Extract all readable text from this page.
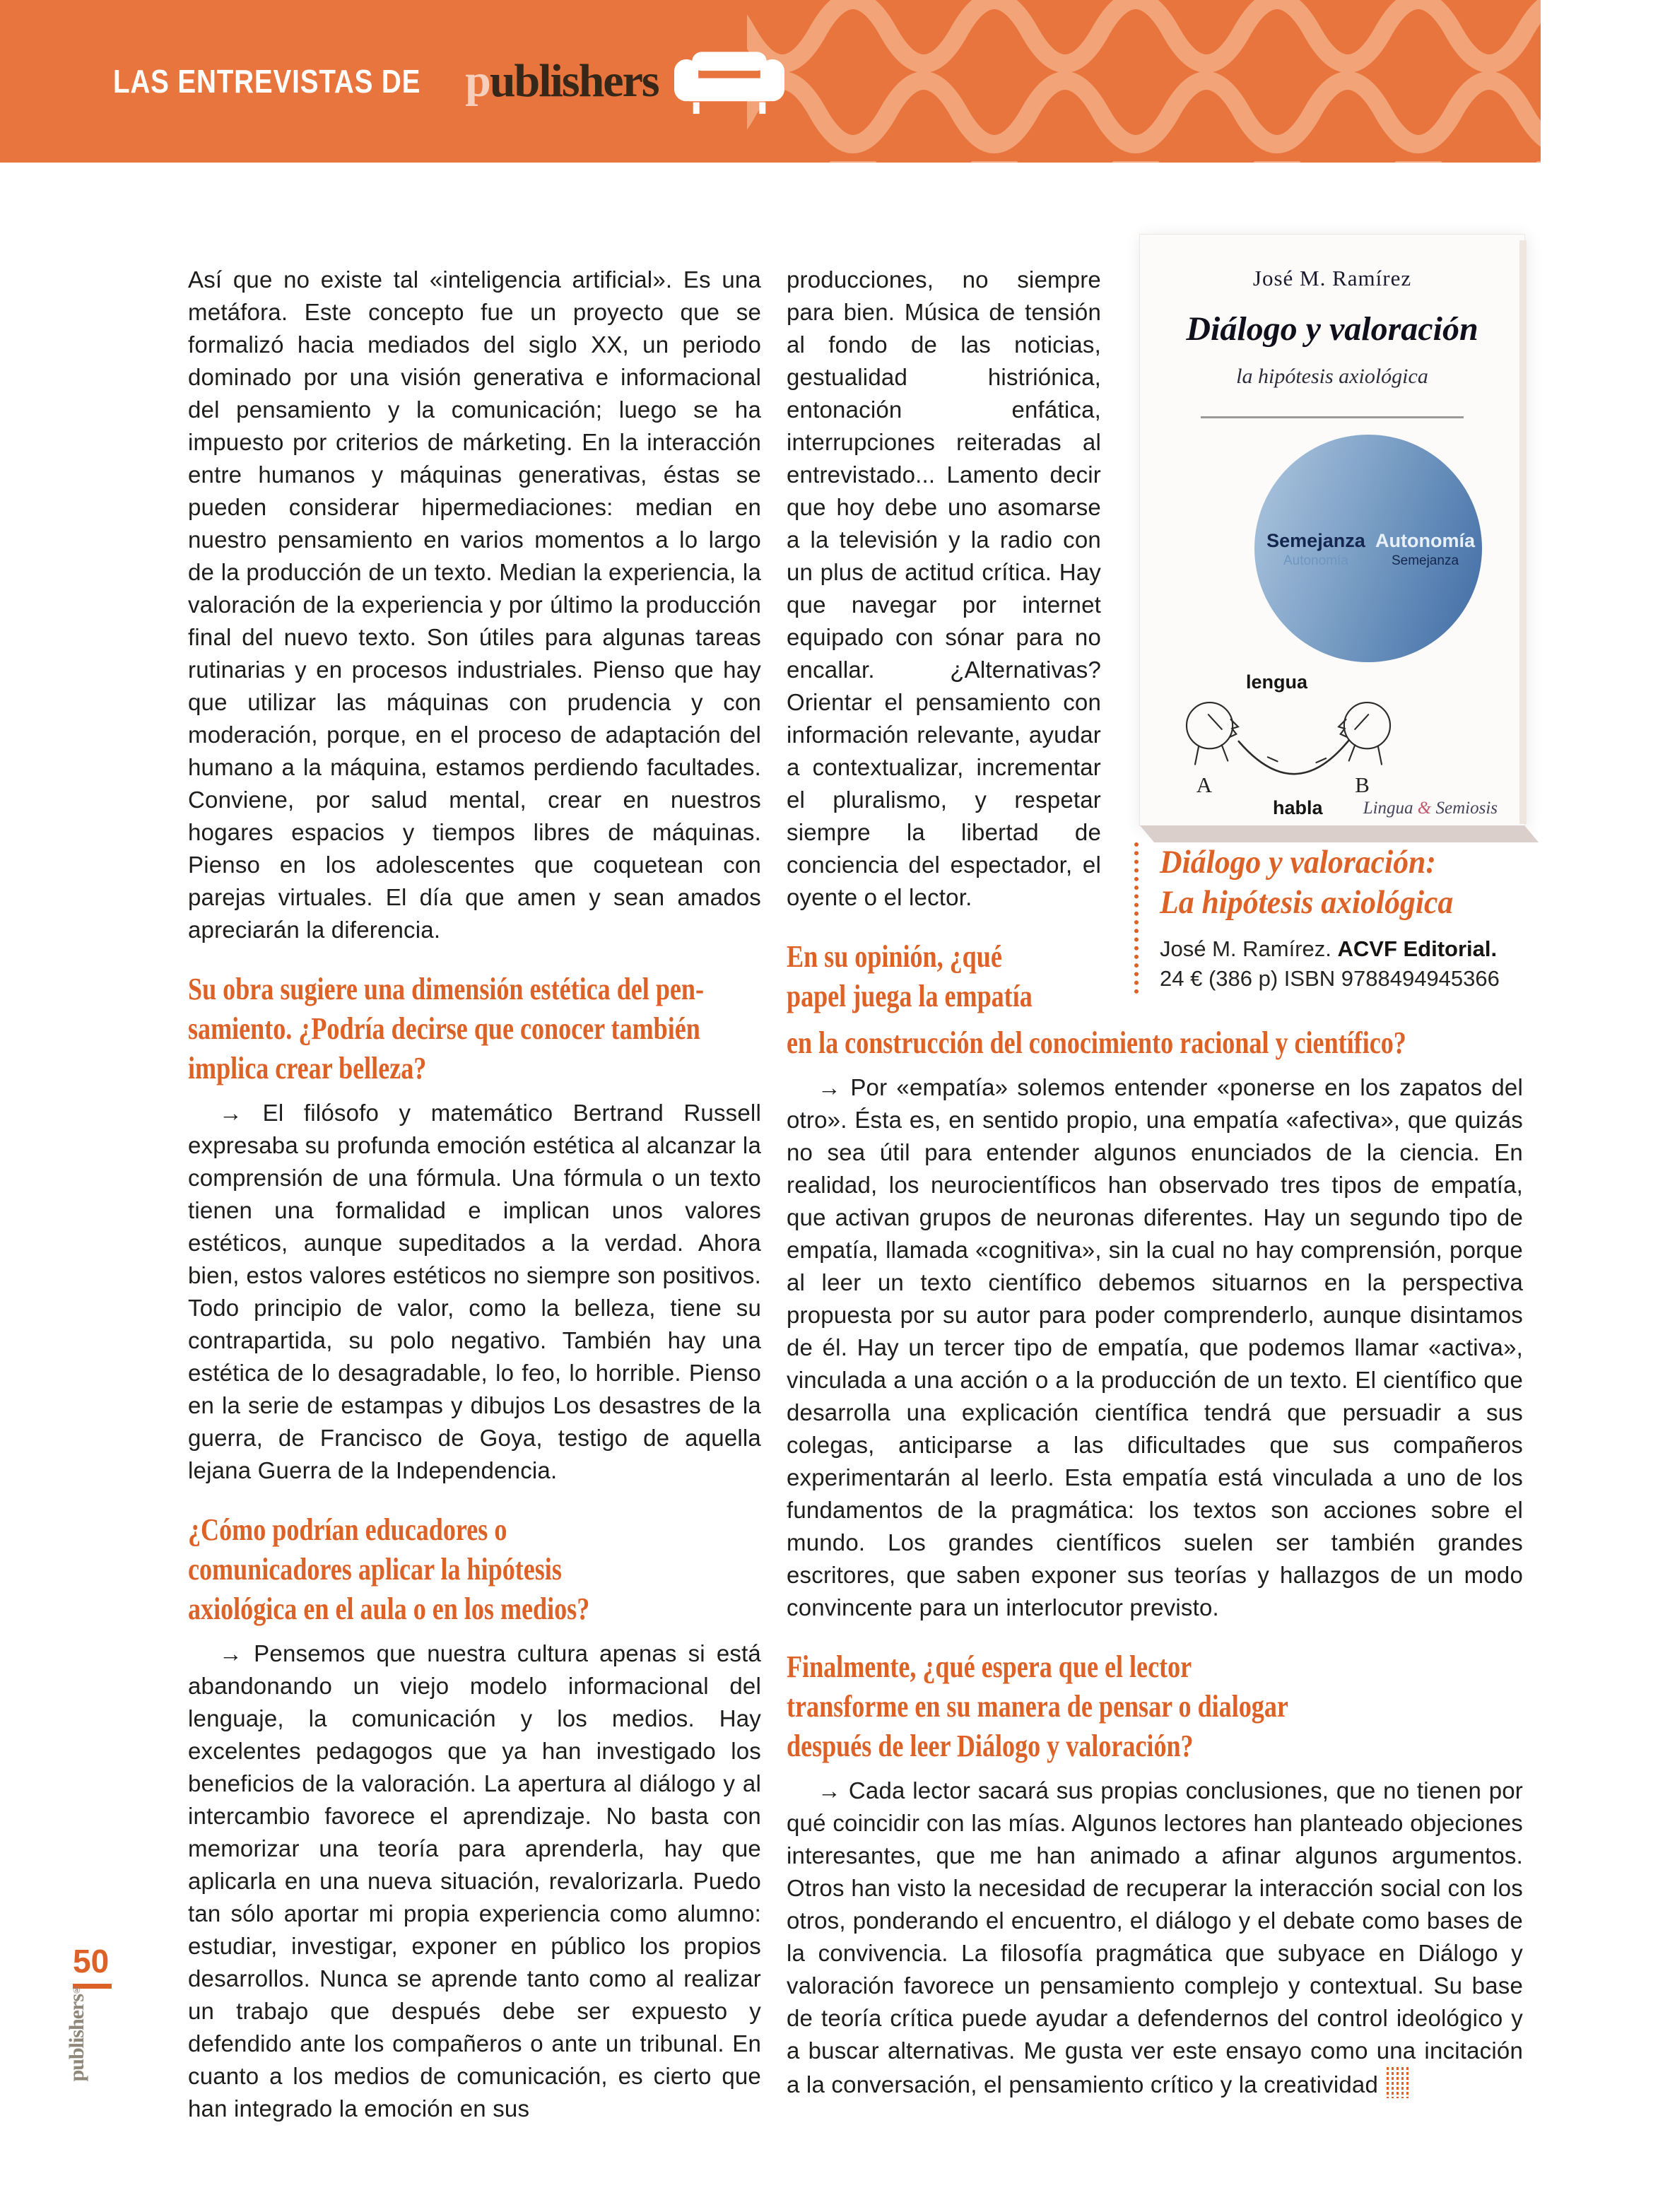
LAS ENTREVISTAS DE publishers

Así que no existe tal «inteligencia artificial». Es una metáfora. Este concepto fue un proyecto que se formalizó hacia mediados del siglo XX, un periodo dominado por una visión generativa e informacional del pensamiento y la comunicación; luego se ha impuesto por criterios de márketing. En la interacción entre humanos y máquinas generativas, éstas se pueden considerar hipermediaciones: median en nuestro pensamiento en varios momentos a lo largo de la producción de un texto. Median la experiencia, la valoración de la experiencia y por último la producción final del nuevo texto. Son útiles para algunas tareas rutinarias y en procesos industriales. Pienso que hay que utilizar las máquinas con prudencia y con moderación, porque, en el proceso de adaptación del humano a la máquina, estamos perdiendo facultades. Conviene, por salud mental, crear en nuestros hogares espacios y tiempos libres de máquinas. Pienso en los adolescentes que coquetean con parejas virtuales. El día que amen y sean amados apreciarán la diferencia.

Su obra sugiere una dimensión estética del pen-
samiento. ¿Podría decirse que conocer también
implica crear belleza?

→ El filósofo y matemático Bertrand Russell expresaba su profunda emoción estética al alcanzar la comprensión de una fórmula. Una fórmula o un texto tienen una formalidad e implican unos valores estéticos, aunque supeditados a la verdad. Ahora bien, estos valores estéticos no siempre son positivos. Todo principio de valor, como la belleza, tiene su contrapartida, su polo negativo. También hay una estética de lo desagradable, lo feo, lo horrible. Pienso en la serie de estampas y dibujos Los desastres de la guerra, de Francisco de Goya, testigo de aquella lejana Guerra de la Independencia.

¿Cómo podrían educadores o
comunicadores aplicar la hipótesis
axiológica en el aula o en los medios?

→ Pensemos que nuestra cultura apenas si está abandonando un viejo modelo informacional del lenguaje, la comunicación y los medios. Hay excelentes pedagogos que ya han investigado los beneficios de la valoración. La apertura al diálogo y al intercambio favorece el aprendizaje. No basta con memorizar una teoría para aprenderla, hay que aplicarla en una nueva situación, revalorizarla. Puedo tan sólo aportar mi propia experiencia como alumno: estudiar, investigar, exponer en público los propios desarrollos. Nunca se aprende tanto como al realizar un trabajo que después debe ser expuesto y defendido ante los compañeros o ante un tribunal. En cuanto a los medios de comunicación, es cierto que han integrado la emoción en sus

producciones, no siempre para bien. Música de tensión al fondo de las noticias, gestualidad histriónica, entonación enfática, interrupciones reiteradas al entrevistado... Lamento decir que hoy debe uno asomarse a la televisión y la radio con un plus de actitud crítica. Hay que navegar por internet equipado con sónar para no encallar. ¿Alternativas? Orientar el pensamiento con información relevante, ayudar a contextualizar, incrementar el pluralismo, y respetar siempre la libertad de conciencia del espectador, el oyente o el lector.

En su opinión, ¿qué
papel juega la empatía
en la construcción del conocimiento racional y científico?

→ Por «empatía» solemos entender «ponerse en los zapatos del otro». Ésta es, en sentido propio, una empatía «afectiva», que quizás no sea útil para entender algunos enunciados de la ciencia. En realidad, los neurocientíficos han observado tres tipos de empatía, que activan grupos de neuronas diferentes. Hay un segundo tipo de empatía, llamada «cognitiva», sin la cual no hay comprensión, porque al leer un texto científico debemos situarnos en la perspectiva propuesta por su autor para poder comprenderlo, aunque disintamos de él. Hay un tercer tipo de empatía, que podemos llamar «activa», vinculada a una acción o a la producción de un texto. El científico que desarrolla una explicación científica tendrá que persuadir a sus colegas, anticiparse a las dificultades que sus compañeros experimentarán al leerlo. Esta empatía está vinculada a uno de los fundamentos de la pragmática: los textos son acciones sobre el mundo. Los grandes científicos suelen ser también grandes escritores, que saben exponer sus teorías y hallazgos de un modo convincente para un interlocutor previsto.

Finalmente, ¿qué espera que el lector
transforme en su manera de pensar o dialogar
después de leer Diálogo y valoración?

→ Cada lector sacará sus propias conclusiones, que no tienen por qué coincidir con las mías. Algunos lectores han planteado objeciones interesantes, que me han animado a afinar algunos argumentos. Otros han visto la necesidad de recuperar la interacción social con los otros, ponderando el encuentro, el diálogo y el debate como bases de la convivencia. La filosofía pragmática que subyace en Diálogo y valoración favorece un pensamiento complejo y contextual. Su base de teoría crítica puede ayudar a defendernos del control ideológico y a buscar alternativas. Me gusta ver este ensayo como una incitación a la conversación, el pensamiento crítico y la creatividad

José M. Ramírez
Diálogo y valoración
la hipótesis axiológica
Semejanza
Autonomía
Autonomía
Semejanza
lengua
A	B
habla Lingua & Semiosis
Diálogo y valoración:
La hipótesis axiológica
José M. Ramírez. ACVF Editorial.
24 € (386 p) ISBN 9788494945366
50
publishers®
